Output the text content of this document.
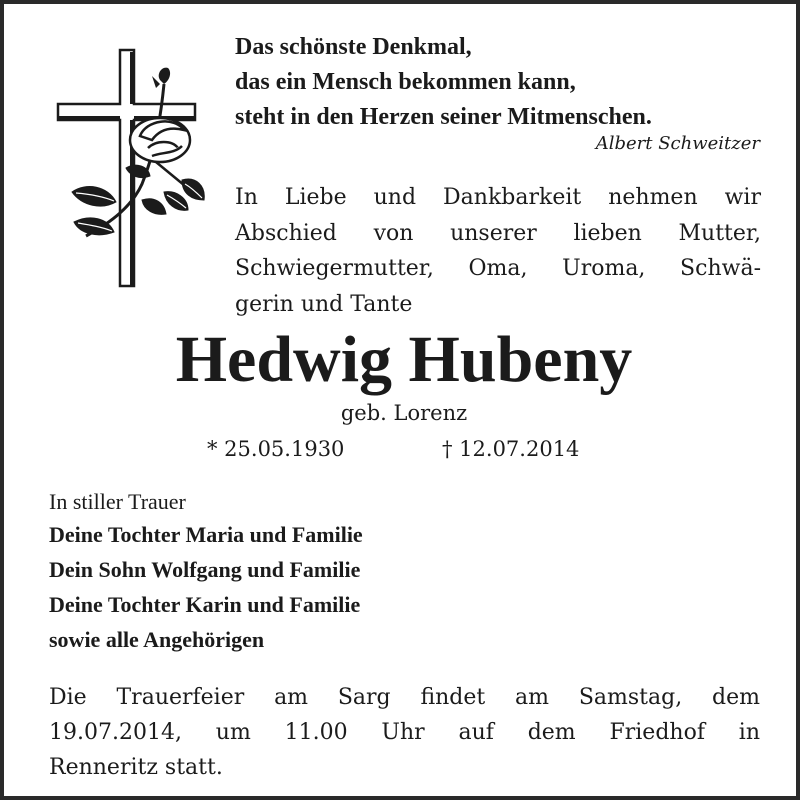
Das schönste Denkmal,
das ein Mensch bekommen kann,
steht in den Herzen seiner Mitmenschen.
Albert Schweitzer
In Liebe und Dankbarkeit nehmen wir
Abschied von unserer lieben Mutter,
Schwiegermutter, Oma, Uroma, Schwä-
gerin und Tante
Hedwig Hubeny
geb. Lorenz
* 25.05.1930	† 12.07.2014
In stiller Trauer
Deine Tochter Maria und Familie
Dein Sohn Wolfgang und Familie
Deine Tochter Karin und Familie
sowie alle Angehörigen
Die Trauerfeier am Sarg findet am Samstag, dem
19.07.2014, um 11.00 Uhr auf dem Friedhof in
Renneritz statt.
